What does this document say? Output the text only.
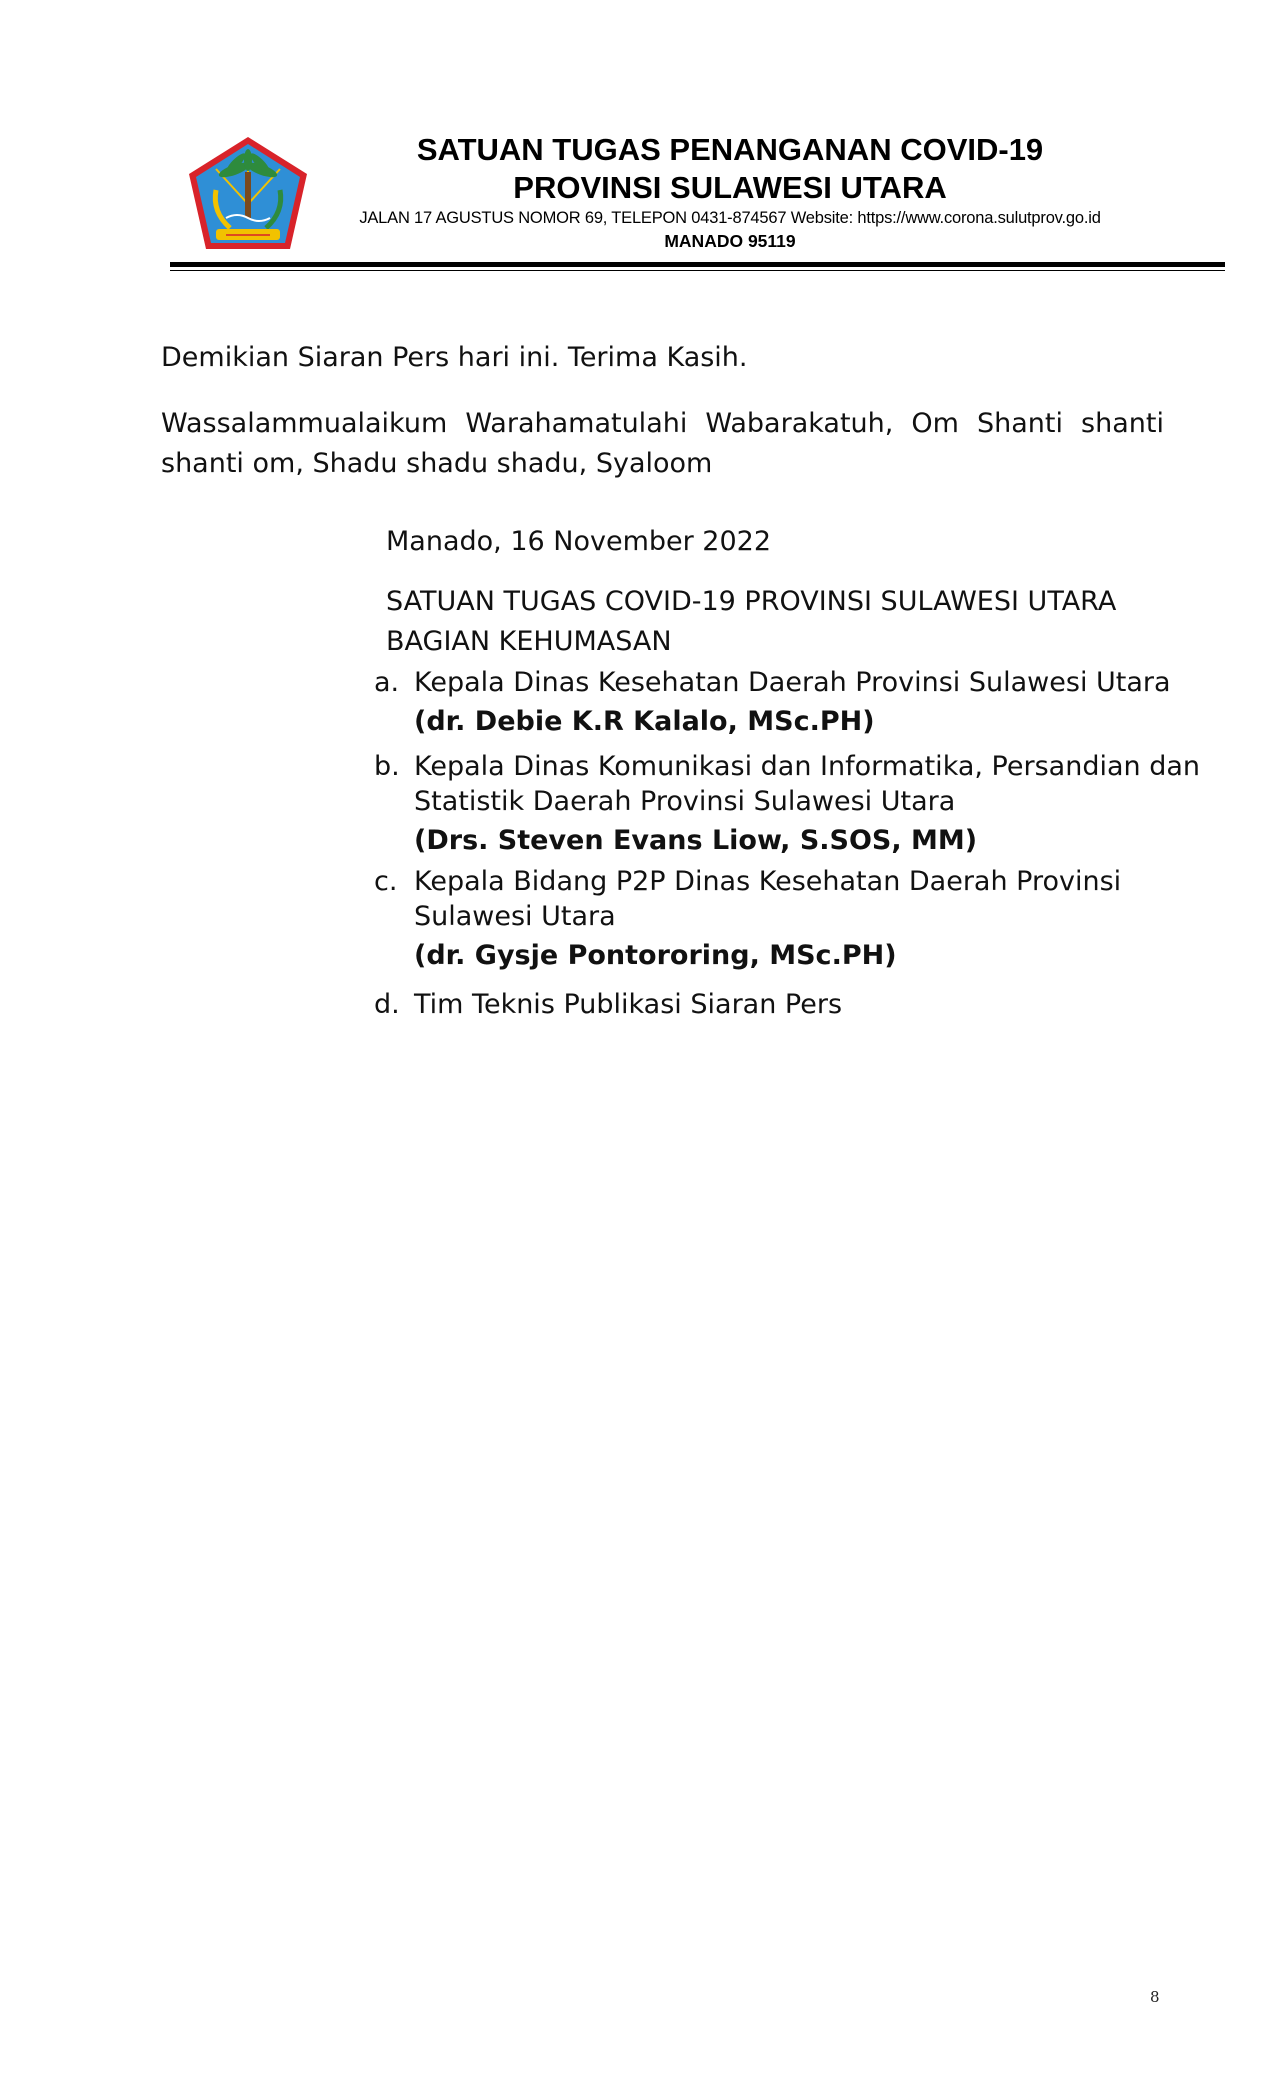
SATUAN TUGAS PENANGANAN COVID-19
PROVINSI SULAWESI UTARA
JALAN 17 AGUSTUS NOMOR 69, TELEPON 0431-874567 Website: https://www.corona.sulutprov.go.id
MANADO 95119

Demikian Siaran Pers hari ini. Terima Kasih.

Wassalammualaikum Warahamatulahi Wabarakatuh, Om Shanti shanti shanti om, Shadu shadu shadu, Syaloom

Manado, 16 November 2022
SATUAN TUGAS COVID-19 PROVINSI SULAWESI UTARA
BAGIAN KEHUMASAN
a. Kepala Dinas Kesehatan Daerah Provinsi Sulawesi Utara
(dr. Debie K.R Kalalo, MSc.PH)
b. Kepala Dinas Komunikasi dan Informatika, Persandian dan Statistik Daerah Provinsi Sulawesi Utara
(Drs. Steven Evans Liow, S.SOS, MM)
c. Kepala Bidang P2P Dinas Kesehatan Daerah Provinsi Sulawesi Utara
(dr. Gysje Pontororing, MSc.PH)
d. Tim Teknis Publikasi Siaran Pers
8
